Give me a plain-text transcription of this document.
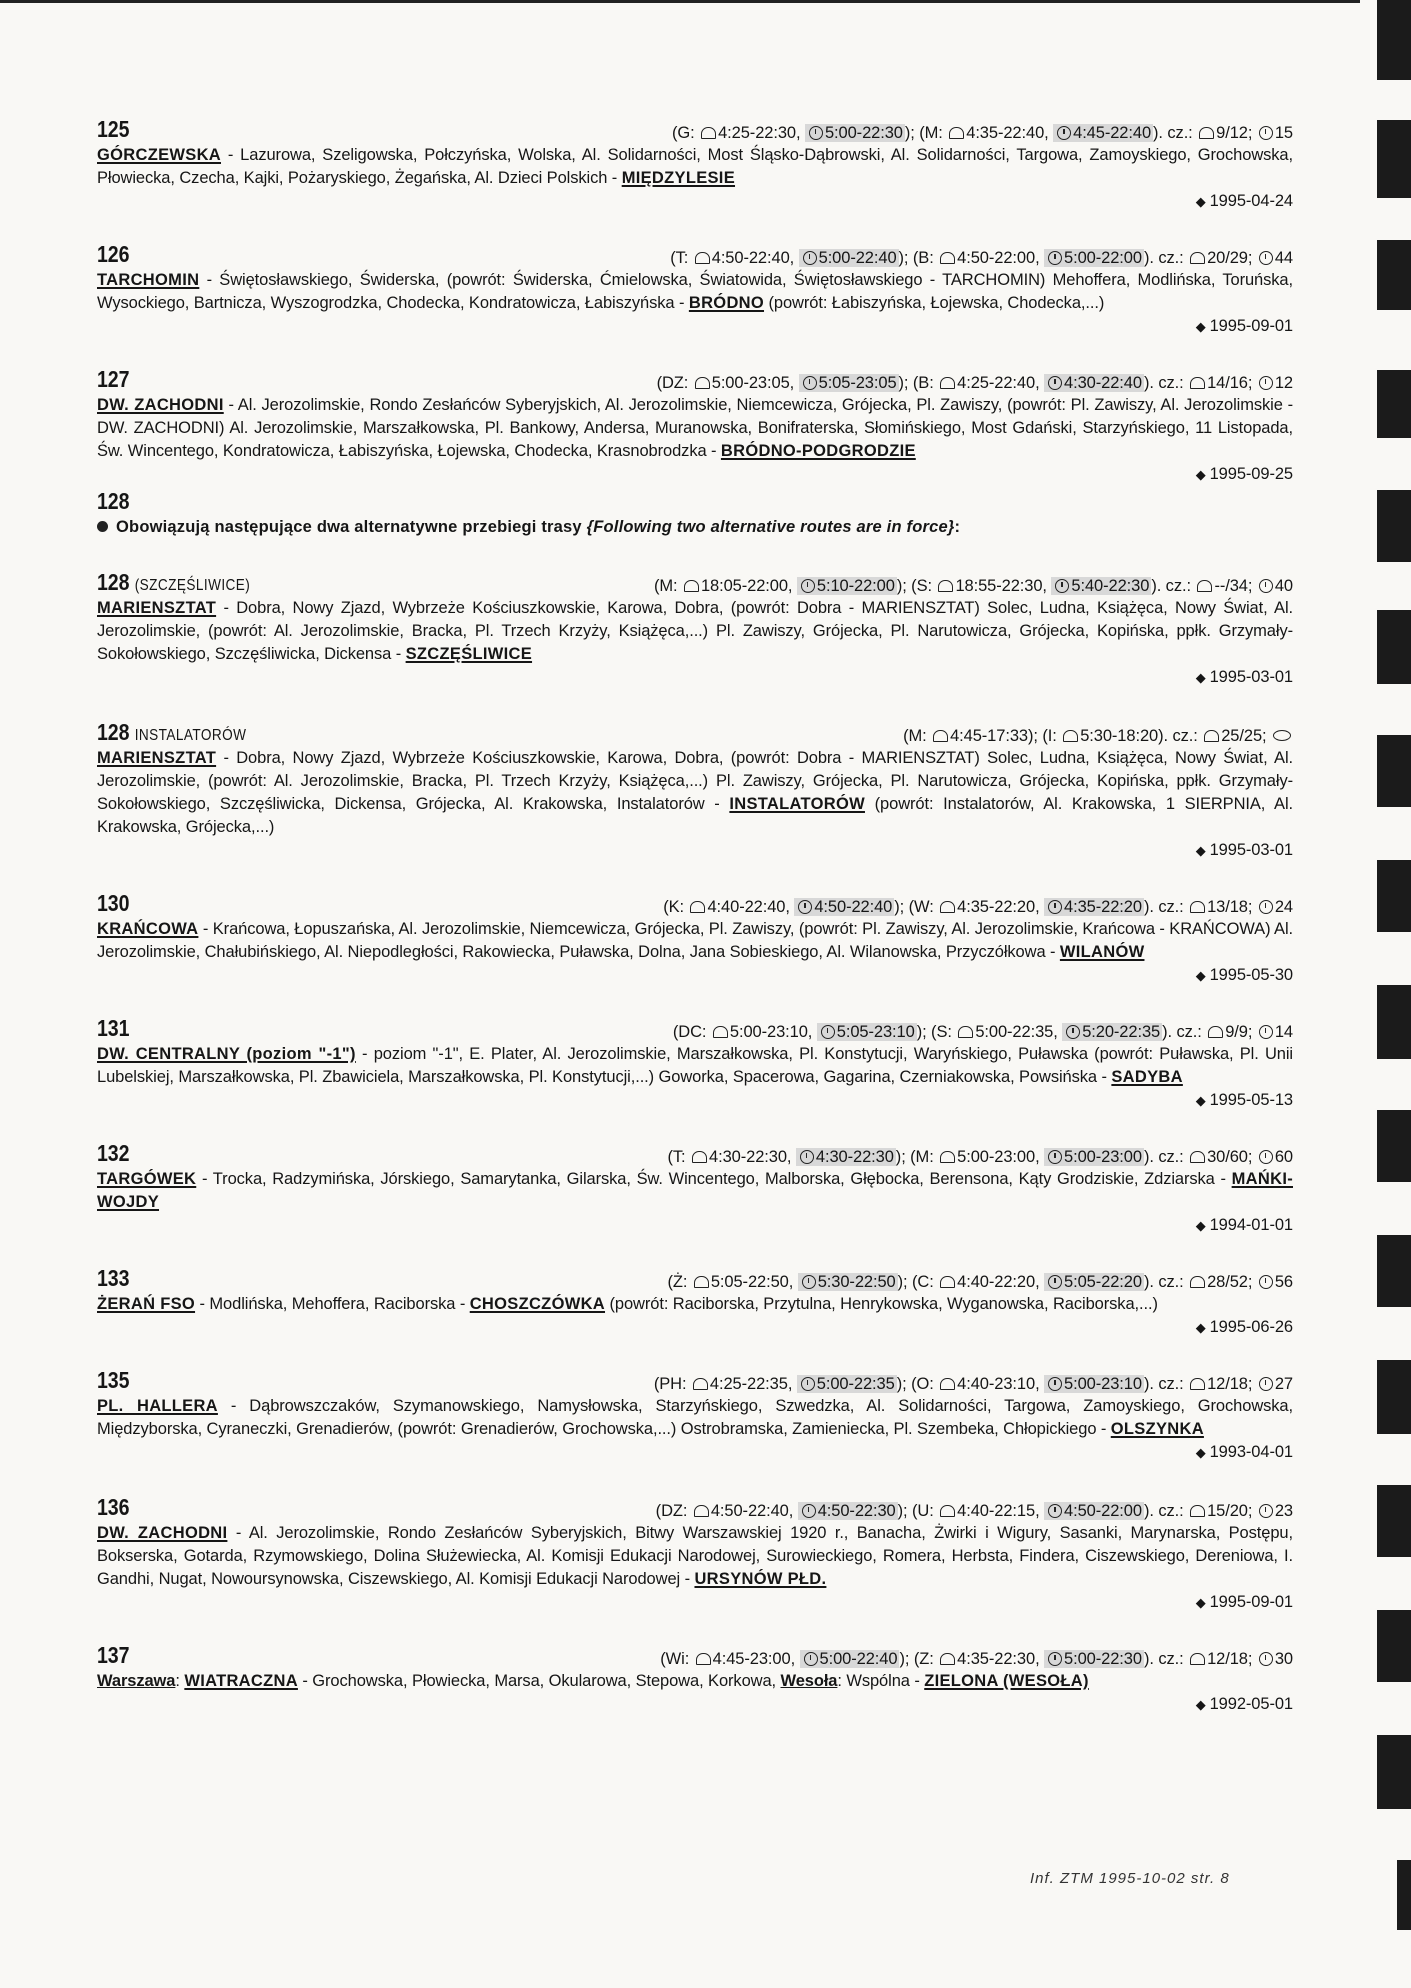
125	(G: 4:25-22:30, 5:00-22:30 ); (M: 4:35-22:40, 4:45-22:40 ). cz.: 9/12; 15
GÓRCZEWSKA - Lazurowa, Szeligowska, Połczyńska, Wolska, Al. Solidarności, Most Śląsko-Dąbrowski, Al. Solidarności, Targowa, Zamoyskiego, Grochowska, Płowiecka, Czecha, Kajki, Pożaryskiego, Żegańska, Al. Dzieci Polskich - MIĘDZYLESIE
◆ 1995-04-24
126	(T: 4:50-22:40, 5:00-22:40 ); (B: 4:50-22:00, 5:00-22:00 ). cz.: 20/29; 44
TARCHOMIN - Świętosławskiego, Świderska, (powrót: Świderska, Ćmielowska, Światowida, Świętosławskiego - TARCHOMIN) Mehoffera, Modlińska, Toruńska, Wysockiego, Bartnicza, Wyszogrodzka, Chodecka, Kondratowicza, Łabiszyńska - BRÓDNO (powrót: Łabiszyńska, Łojewska, Chodecka,...)
◆ 1995-09-01
127	(DZ: 5:00-23:05, 5:05-23:05 ); (B: 4:25-22:40, 4:30-22:40 ). cz.: 14/16; 12
DW. ZACHODNI - Al. Jerozolimskie, Rondo Zesłańców Syberyjskich, Al. Jerozolimskie, Niemcewicza, Grójecka, Pl. Zawiszy, (powrót: Pl. Zawiszy, Al. Jerozolimskie - DW. ZACHODNI) Al. Jerozolimskie, Marszałkowska, Pl. Bankowy, Andersa, Muranowska, Bonifraterska, Słomińskiego, Most Gdański, Starzyńskiego, 11 Listopada, Św. Wincentego, Kondratowicza, Łabiszyńska, Łojewska, Chodecka, Krasnobrodzka - BRÓDNO-PODGRODZIE
◆ 1995-09-25
128
Obowiązują następujące dwa alternatywne przebiegi trasy {Following two alternative routes are in force}:
128 (SZCZĘŚLIWICE)	(M: 18:05-22:00, 5:10-22:00 ); (S: 18:55-22:30, 5:40-22:30 ). cz.: --/34; 40
MARIENSZTAT - Dobra, Nowy Zjazd, Wybrzeże Kościuszkowskie, Karowa, Dobra, (powrót: Dobra - MARIENSZTAT) Solec, Ludna, Książęca, Nowy Świat, Al. Jerozolimskie, (powrót: Al. Jerozolimskie, Bracka, Pl. Trzech Krzyży, Książęca,...) Pl. Zawiszy, Grójecka, Pl. Narutowicza, Grójecka, Kopińska, ppłk. Grzymały-Sokołowskiego, Szczęśliwicka, Dickensa - SZCZĘŚLIWICE
◆ 1995-03-01
128 INSTALATORÓW	(M: 4:45-17:33); (I: 5:30-18:20). cz.: 25/25;
MARIENSZTAT - Dobra, Nowy Zjazd, Wybrzeże Kościuszkowskie, Karowa, Dobra, (powrót: Dobra - MARIENSZTAT) Solec, Ludna, Książęca, Nowy Świat, Al. Jerozolimskie, (powrót: Al. Jerozolimskie, Bracka, Pl. Trzech Krzyży, Książęca,...) Pl. Zawiszy, Grójecka, Pl. Narutowicza, Grójecka, Kopińska, ppłk. Grzymały-Sokołowskiego, Szczęśliwicka, Dickensa, Grójecka, Al. Krakowska, Instalatorów - INSTALATORÓW (powrót: Instalatorów, Al. Krakowska, 1 SIERPNIA, Al. Krakowska, Grójecka,...)
◆ 1995-03-01
130	(K: 4:40-22:40, 4:50-22:40 ); (W: 4:35-22:20, 4:35-22:20 ). cz.: 13/18; 24
KRAŃCOWA - Krańcowa, Łopuszańska, Al. Jerozolimskie, Niemcewicza, Grójecka, Pl. Zawiszy, (powrót: Pl. Zawiszy, Al. Jerozolimskie, Krańcowa - KRAŃCOWA) Al. Jerozolimskie, Chałubińskiego, Al. Niepodległości, Rakowiecka, Puławska, Dolna, Jana Sobieskiego, Al. Wilanowska, Przyczółkowa - WILANÓW
◆ 1995-05-30
131	(DC: 5:00-23:10, 5:05-23:10 ); (S: 5:00-22:35, 5:20-22:35 ). cz.: 9/9; 14
DW. CENTRALNY (poziom "-1") - poziom "-1", E. Plater, Al. Jerozolimskie, Marszałkowska, Pl. Konstytucji, Waryńskiego, Puławska (powrót: Puławska, Pl. Unii Lubelskiej, Marszałkowska, Pl. Zbawiciela, Marszałkowska, Pl. Konstytucji,...) Goworka, Spacerowa, Gagarina, Czerniakowska, Powsińska - SADYBA
◆ 1995-05-13
132	(T: 4:30-22:30, 4:30-22:30 ); (M: 5:00-23:00, 5:00-23:00 ). cz.: 30/60; 60
TARGÓWEK - Trocka, Radzymińska, Jórskiego, Samarytanka, Gilarska, Św. Wincentego, Malborska, Głębocka, Berensona, Kąty Grodziskie, Zdziarska - MAŃKI-WOJDY
◆ 1994-01-01
133	(Ż: 5:05-22:50, 5:30-22:50 ); (C: 4:40-22:20, 5:05-22:20 ). cz.: 28/52; 56
ŻERAŃ FSO - Modlińska, Mehoffera, Raciborska - CHOSZCZÓWKA (powrót: Raciborska, Przytulna, Henrykowska, Wyganowska, Raciborska,...)
◆ 1995-06-26
135	(PH: 4:25-22:35, 5:00-22:35 ); (O: 4:40-23:10, 5:00-23:10 ). cz.: 12/18; 27
PL. HALLERA - Dąbrowszczaków, Szymanowskiego, Namysłowska, Starzyńskiego, Szwedzka, Al. Solidarności, Targowa, Zamoyskiego, Grochowska, Międzyborska, Cyraneczki, Grenadierów, (powrót: Grenadierów, Grochowska,...) Ostrobramska, Zamieniecka, Pl. Szembeka, Chłopickiego - OLSZYNKA
◆ 1993-04-01
136	(DZ: 4:50-22:40, 4:50-22:30 ); (U: 4:40-22:15, 4:50-22:00 ). cz.: 15/20; 23
DW. ZACHODNI - Al. Jerozolimskie, Rondo Zesłańców Syberyjskich, Bitwy Warszawskiej 1920 r., Banacha, Żwirki i Wigury, Sasanki, Marynarska, Postępu, Bokserska, Gotarda, Rzymowskiego, Dolina Służewiecka, Al. Komisji Edukacji Narodowej, Surowieckiego, Romera, Herbsta, Findera, Ciszewskiego, Dereniowa, I. Gandhi, Nugat, Nowoursynowska, Ciszewskiego, Al. Komisji Edukacji Narodowej - URSYNÓW PŁD.
◆ 1995-09-01
137	(Wi: 4:45-23:00, 5:00-22:40 ); (Z: 4:35-22:30, 5:00-22:30 ). cz.: 12/18; 30
Warszawa: WIATRACZNA - Grochowska, Płowiecka, Marsa, Okularowa, Stepowa, Korkowa, Wesoła: Wspólna - ZIELONA (WESOŁA)
◆ 1992-05-01
Inf. ZTM 1995-10-02 str. 8
